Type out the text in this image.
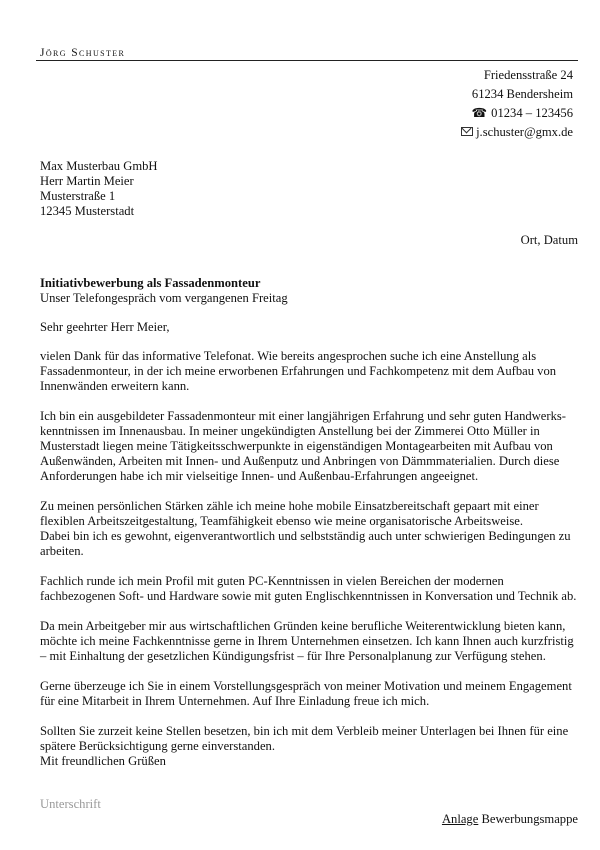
Jörg Schuster
Friedensstraße 24
61234 Bendersheim
☎ 01234 – 123456
j.schuster@gmx.de
Max Musterbau GmbH
Herr Martin Meier
Musterstraße 1
12345 Musterstadt
Ort, Datum
Initiativbewerbung als Fassadenmonteur
Unser Telefongespräch vom vergangenen Freitag

Sehr geehrter Herr Meier,

vielen Dank für das informative Telefonat. Wie bereits angesprochen suche ich eine Anstellung als
Fassadenmonteur, in der ich meine erworbenen Erfahrungen und Fachkompetenz mit dem Aufbau von
Innenwänden erweitern kann.

Ich bin ein ausgebildeter Fassadenmonteur mit einer langjährigen Erfahrung und sehr guten Handwerks-
kenntnissen im Innenausbau. In meiner ungekündigten Anstellung bei der Zimmerei Otto Müller in
Musterstadt liegen meine Tätigkeitsschwerpunkte in eigenständigen Montagearbeiten mit Aufbau von
Außenwänden, Arbeiten mit Innen- und Außenputz und Anbringen von Dämmmaterialien. Durch diese
Anforderungen habe ich mir vielseitige Innen- und Außenbau-Erfahrungen angeeignet.

Zu meinen persönlichen Stärken zähle ich meine hohe mobile Einsatzbereitschaft gepaart mit einer
flexiblen Arbeitszeitgestaltung, Teamfähigkeit ebenso wie meine organisatorische Arbeitsweise.
Dabei bin ich es gewohnt, eigenverantwortlich und selbstständig auch unter schwierigen Bedingungen zu
arbeiten.

Fachlich runde ich mein Profil mit guten PC-Kenntnissen in vielen Bereichen der modernen
fachbezogenen Soft- und Hardware sowie mit guten Englischkenntnissen in Konversation und Technik ab.

Da mein Arbeitgeber mir aus wirtschaftlichen Gründen keine berufliche Weiterentwicklung bieten kann,
möchte ich meine Fachkenntnisse gerne in Ihrem Unternehmen einsetzen. Ich kann Ihnen auch kurzfristig
– mit Einhaltung der gesetzlichen Kündigungsfrist – für Ihre Personalplanung zur Verfügung stehen.

Gerne überzeuge ich Sie in einem Vorstellungsgespräch von meiner Motivation und meinem Engagement
für eine Mitarbeit in Ihrem Unternehmen. Auf Ihre Einladung freue ich mich.

Sollten Sie zurzeit keine Stellen besetzen, bin ich mit dem Verbleib meiner Unterlagen bei Ihnen für eine
spätere Berücksichtigung gerne einverstanden.

Mit freundlichen Grüßen
Unterschrift
Anlage Bewerbungsmappe
